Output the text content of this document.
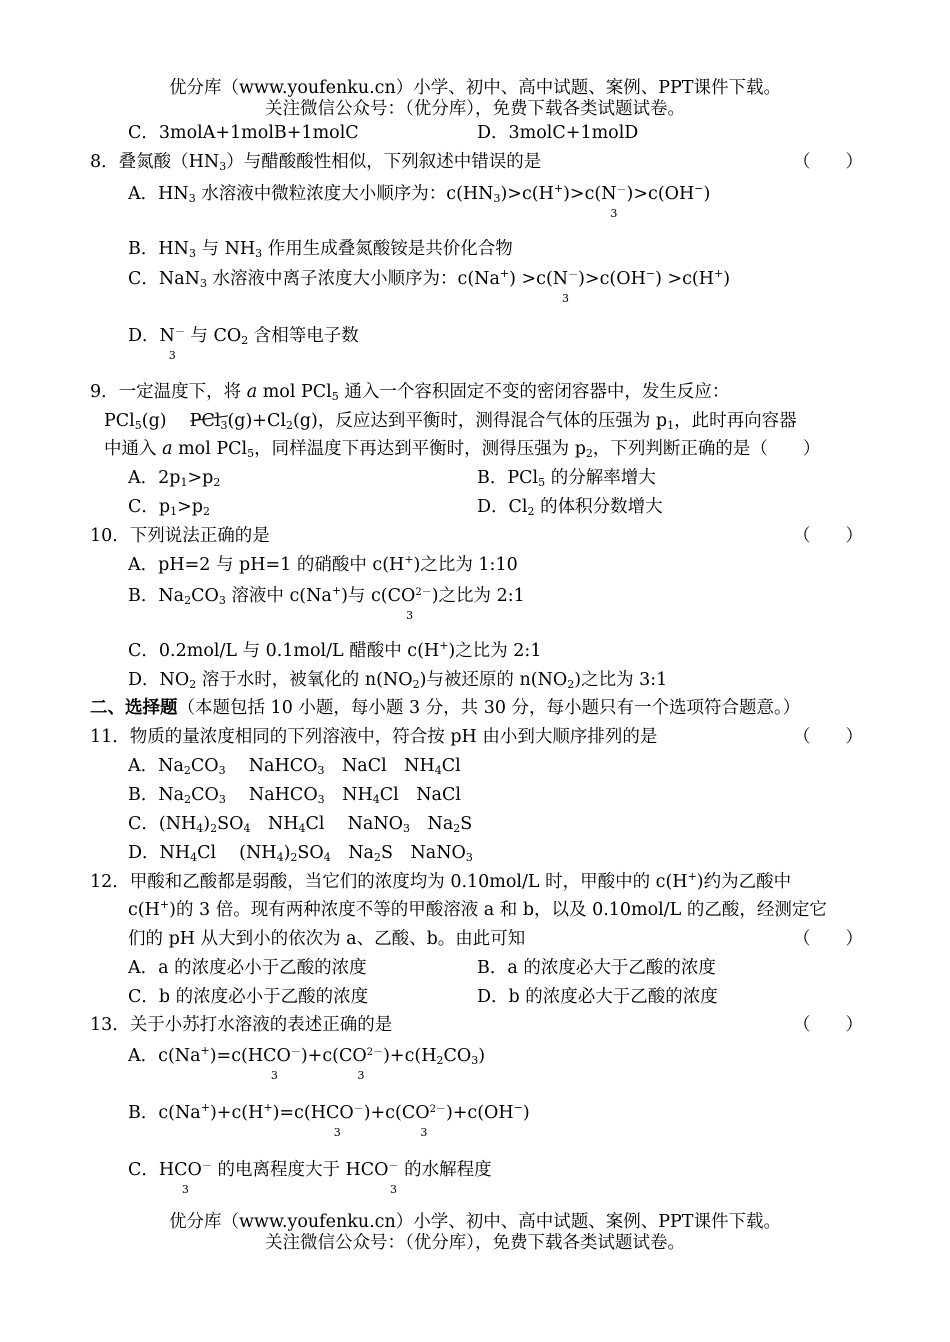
优分库（www.youfenku.cn）小学、初中、高中试题、案例、PPT课件下载。
关注微信公众号：（优分库），免费下载各类试题试卷。
C．3molA+1molB+1molC	D．3molC+1molD
8．叠氮酸$(HN_3)$与醋酸酸性相似，下列叙述中错误的是	（　　）
A．$HN_3$ 水溶液中微粒浓度大小顺序为：$c(HN_3)>c(H^+)>c(N^-$
3
)>c(OH−)
B．$HN_3$ 与 $NH_3$ 作用生成叠氮酸铵是共价化合物
C．NaN$_3$ 水溶液中离子浓度大小顺序为：c(Na+) >c(N－
3
)>c(OH−) >c(H+)
D．N－
3
与 $CO_2$ 含相等电子数
9．一定温度下，将 a mol PCl$_5$ 通入一个容积固定不变的密闭容器中，发生反应：
PCl$_5$(g)　 $PCl_3(g)+Cl_2(g)$，反应达到平衡时，测得混合气体的压强为 $p_1$，此时再向容器
中通入 a mol PCl$_5$，同样温度下再达到平衡时，测得压强为 $p_2$，下列判断正确的是（　　）
A．$2p_1>p_2$	B．PCl$_5$ 的分解率增大
C．$p_1>p_2$	D．$Cl_2$ 的体积分数增大
10．下列说法正确的是	（　　）
A．pH=2 与 pH=1 的硝酸中 c(H+)之比为 1:10
B．$Na_2CO_3$ 溶液中 c(Na+)与 $c(CO^{2-}$
3
)之比为 2:1
C．0.2mol/L 与 0.1mol/L 醋酸中 c(H+)之比为 2:1
D．$NO_2$ 溶于水时，被氧化的 $n(NO_2)$与被还原的 $n(NO_2)$之比为 3:1
二、选择题（本题包括 10 小题，每小题 3 分，共 30 分，每小题只有一个选项符合题意。）
11．物质的量浓度相同的下列溶液中，符合按 pH 由小到大顺序排列的是	（　　）
A．$Na_2CO_3$　 NaHCO$_3$　NaCl　$NH_4Cl$
B．$Na_2CO_3$　 NaHCO$_3$　$NH_4Cl$　NaCl
C．$(NH_4)_2SO_4$　$NH_4Cl$　 NaNO$_3$　$Na_2S$
D．$NH_4Cl$　 $(NH_4)_2SO_4$　$Na_2S$　NaNO$_3$
12．甲酸和乙酸都是弱酸，当它们的浓度均为 0.10mol/L 时，甲酸中的 c(H+)约为乙酸中
c(H+)的 3 倍。现有两种浓度不等的甲酸溶液 a 和 b，以及 0.10mol/L 的乙酸，经测定它
们的 pH 从大到小的依次为 a、乙酸、b。由此可知	（　　）
A．a 的浓度必小于乙酸的浓度	B．a 的浓度必大于乙酸的浓度
C．b 的浓度必小于乙酸的浓度	D．b 的浓度必大于乙酸的浓度
13．关于小苏打水溶液的表述正确的是	（　　）
A．c(Na+)=c(HCO－
3
)$+c(CO^{2-}$
3
)$+c(H_2CO_3)$
B．c(Na+)+c(H+)=c(HCO－
3
)$+c(CO^{2-}$
3
)+c(OH−)
C．HCO－
3
的电离程度大于 HCO－
3
的水解程度
优分库（www.youfenku.cn）小学、初中、高中试题、案例、PPT课件下载。
关注微信公众号：（优分库），免费下载各类试题试卷。
